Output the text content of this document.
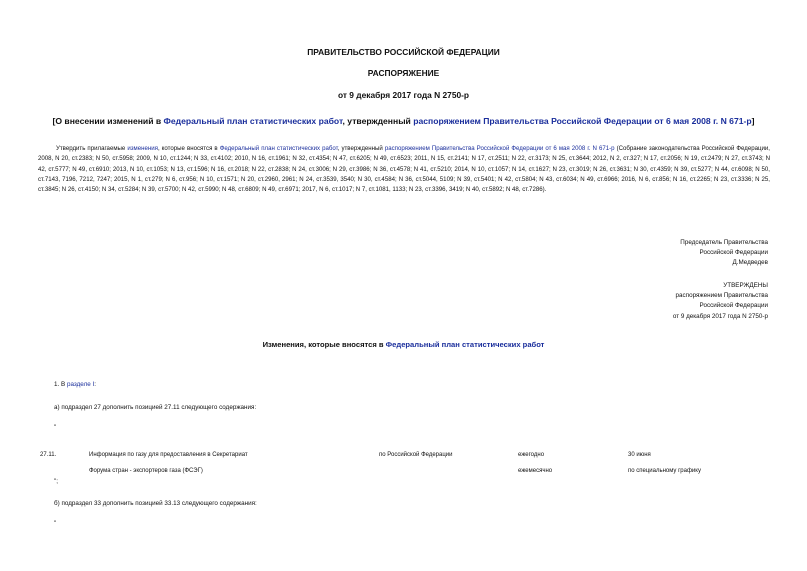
ПРАВИТЕЛЬСТВО РОССИЙСКОЙ ФЕДЕРАЦИИ
РАСПОРЯЖЕНИЕ
от 9 декабря 2017 года N 2750-р
[О внесении изменений в Федеральный план статистических работ, утвержденный распоряжением Правительства Российской Федерации от 6 мая 2008 г. N 671-р]
Утвердить прилагаемые изменения, которые вносятся в Федеральный план статистических работ, утвержденный распоряжением Правительства Российской Федерации от 6 мая 2008 г. N 671-р (Собрание законодательства Российской Федерации, 2008, N 20, ст.2383; N 50, ст.5958; 2009, N 10, ст.1244; N 33, ст.4102; 2010, N 16, ст.1961; N 32, ст.4354; N 47, ст.6205; N 49, ст.6523; 2011, N 15, ст.2141; N 17, ст.2511; N 22, ст.3173; N 25, ст.3644; 2012, N 2, ст.327; N 17, ст.2056; N 19, ст.2479; N 27, ст.3743; N 42, ст.5777; N 49, ст.6910; 2013, N 10, ст.1053; N 13, ст.1596; N 16, ст.2018; N 22, ст.2838; N 24, ст.3006; N 29, ст.3986; N 36, ст.4578; N 41, ст.5210; 2014, N 10, ст.1057; N 14, ст.1627; N 23, ст.3019; N 26, ст.3631; N 30, ст.4359; N 39, ст.5277; N 44, ст.6098; N 50, ст.7143, 7196, 7212, 7247; 2015, N 1, ст.279; N 6, ст.956; N 10, ст.1571; N 20, ст.2960, 2961; N 24, ст.3539, 3540; N 30, ст.4584; N 36, ст.5044, 5109; N 39, ст.5401; N 42, ст.5804; N 43, ст.6034; N 49, ст.6966; 2016, N 6, ст.856; N 16, ст.2265; N 23, ст.3336; N 25, ст.3845; N 26, ст.4150; N 34, ст.5284; N 39, ст.5700; N 42, ст.5990; N 48, ст.6809; N 49, ст.6971; 2017, N 6, ст.1017; N 7, ст.1081, 1133; N 23, ст.3396, 3419; N 40, ст.5892; N 48, ст.7286).
Председатель Правительства
Российской Федерации
Д.Медведев
УТВЕРЖДЕНЫ
распоряжением Правительства
Российской Федерации
от 9 декабря 2017 года N 2750-р
Изменения, которые вносятся в Федеральный план статистических работ
1. В разделе I:
а) подраздел 27 дополнить позицией 27.11 следующего содержания:
"
27.11.	Информация по газу для предоставления в Секретариат
Форума стран - экспортеров газа (ФСЭГ)
по Российской Федерации	ежегодно
ежемесячно
30 июня
по специальному графику
";
б) подраздел 33 дополнить позицией 33.13 следующего содержания:
"
